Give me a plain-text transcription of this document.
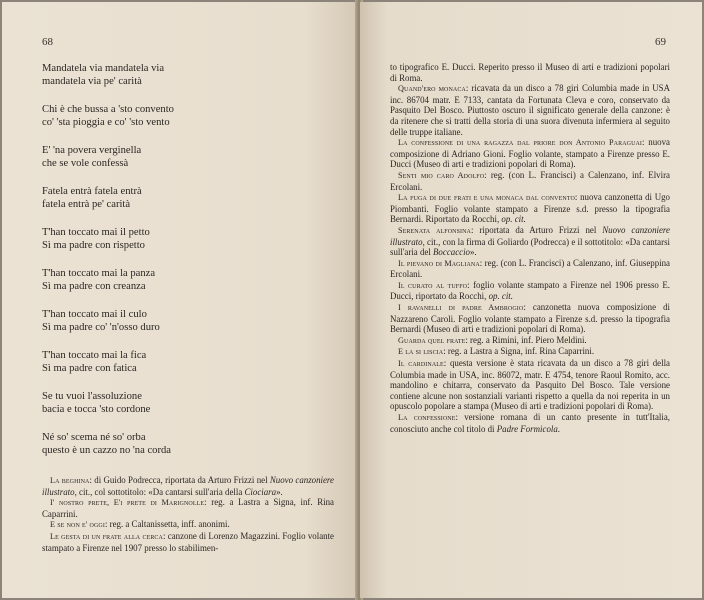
68
Mandatela via mandatela via
mandatela via pe' carità
Chi è che bussa a 'sto convento
co' 'sta pioggia e co' 'sto vento
E' 'na povera verginella
che se vole confessà
Fatela entrà fatela entrà
fatela entrà pe' carità
T'han toccato mai il petto
Sì ma padre con rispetto
T'han toccato mai la panza
Sì ma padre con creanza
T'han toccato mai il culo
Sì ma padre co' 'n'osso duro
T'han toccato mai la fica
Sì ma padre con fatica
Se tu vuoi l'assoluzione
bacia e tocca 'sto cordone
Né so' scema né so' orba
questo è un cazzo no 'na corda

La beghina: di Guido Podrecca, riportata da Arturo Frizzi nel Nuovo canzoniere illustrato, cit., col sottotitolo: «Da cantarsi sull'aria della Ciociara».

I' nostro prete, E'i prete di Marignolle: reg. a Lastra a Signa, inf. Rina Caparrini.

E se non e' oggi: reg. a Caltanissetta, inff. anonimi.

Le gesta di un frate alla cerca: canzone di Lorenzo Magazzini. Foglio volante stampato a Firenze nel 1907 presso lo stabilimen-

69

to tipografico E. Ducci. Reperito presso il Museo di arti e tradizioni popolari di Roma.

Quand'ero monaca: ricavata da un disco a 78 giri Columbia made in USA inc. 86704 matr. E 7133, cantata da Fortunata Cleva e coro, conservato da Pasquito Del Bosco. Piuttosto oscuro il significato generale della canzone: è da ritenere che si tratti della storia di una suora divenuta infermiera al seguito delle truppe italiane.

La confessione di una ragazza dal priore don Antonio Paraguai: nuova composizione di Adriano Gioni. Foglio volante, stampato a Firenze presso E. Ducci (Museo di arti e tradizioni popolari di Roma).

Senti mio caro Adolfo: reg. (con L. Francisci) a Calenzano, inf. Elvira Ercolani.

La fuga di due frati e una monaca dal convento: nuova canzonetta di Ugo Piombanti. Foglio volante stampato a Firenze s.d. presso la tipografia Bernardi. Riportato da Rocchi, op. cit.

Serenata alfonsina: riportata da Arturo Frizzi nel Nuovo canzoniere illustrato, cit., con la firma di Goliardo (Podrecca) e il sottotitolo: «Da cantarsi sull'aria del Boccaccio».

Il pievano di Magliana: reg. (con L. Francisci) a Calenzano, inf. Giuseppina Ercolani.

Il curato al tuffo: foglio volante stampato a Firenze nel 1906 presso E. Ducci, riportato da Rocchi, op. cit.

I ravanelli di padre Ambrogio: canzonetta nuova composizione di Nazzareno Caroli. Foglio volante stampato a Firenze s.d. presso la tipografia Bernardi (Museo di arti e tradizioni popolari di Roma).

Guarda quel frate: reg. a Rimini, inf. Piero Meldini.

E la si liscia: reg. a Lastra a Signa, inf. Rina Caparrini.

Il cardinale: questa versione è stata ricavata da un disco a 78 giri della Columbia made in USA, inc. 86072, matr. E 4754, tenore Raoul Romito, acc. mandolino e chitarra, conservato da Pasquito Del Bosco. Tale versione contiene alcune non sostanziali varianti rispetto a quella da noi reperita in un opuscolo popolare a stampa (Museo di arti e tradizioni popolari di Roma).

La confessione: versione romana di un canto presente in tutt'Italia, conosciuto anche col titolo di Padre Formicola.
